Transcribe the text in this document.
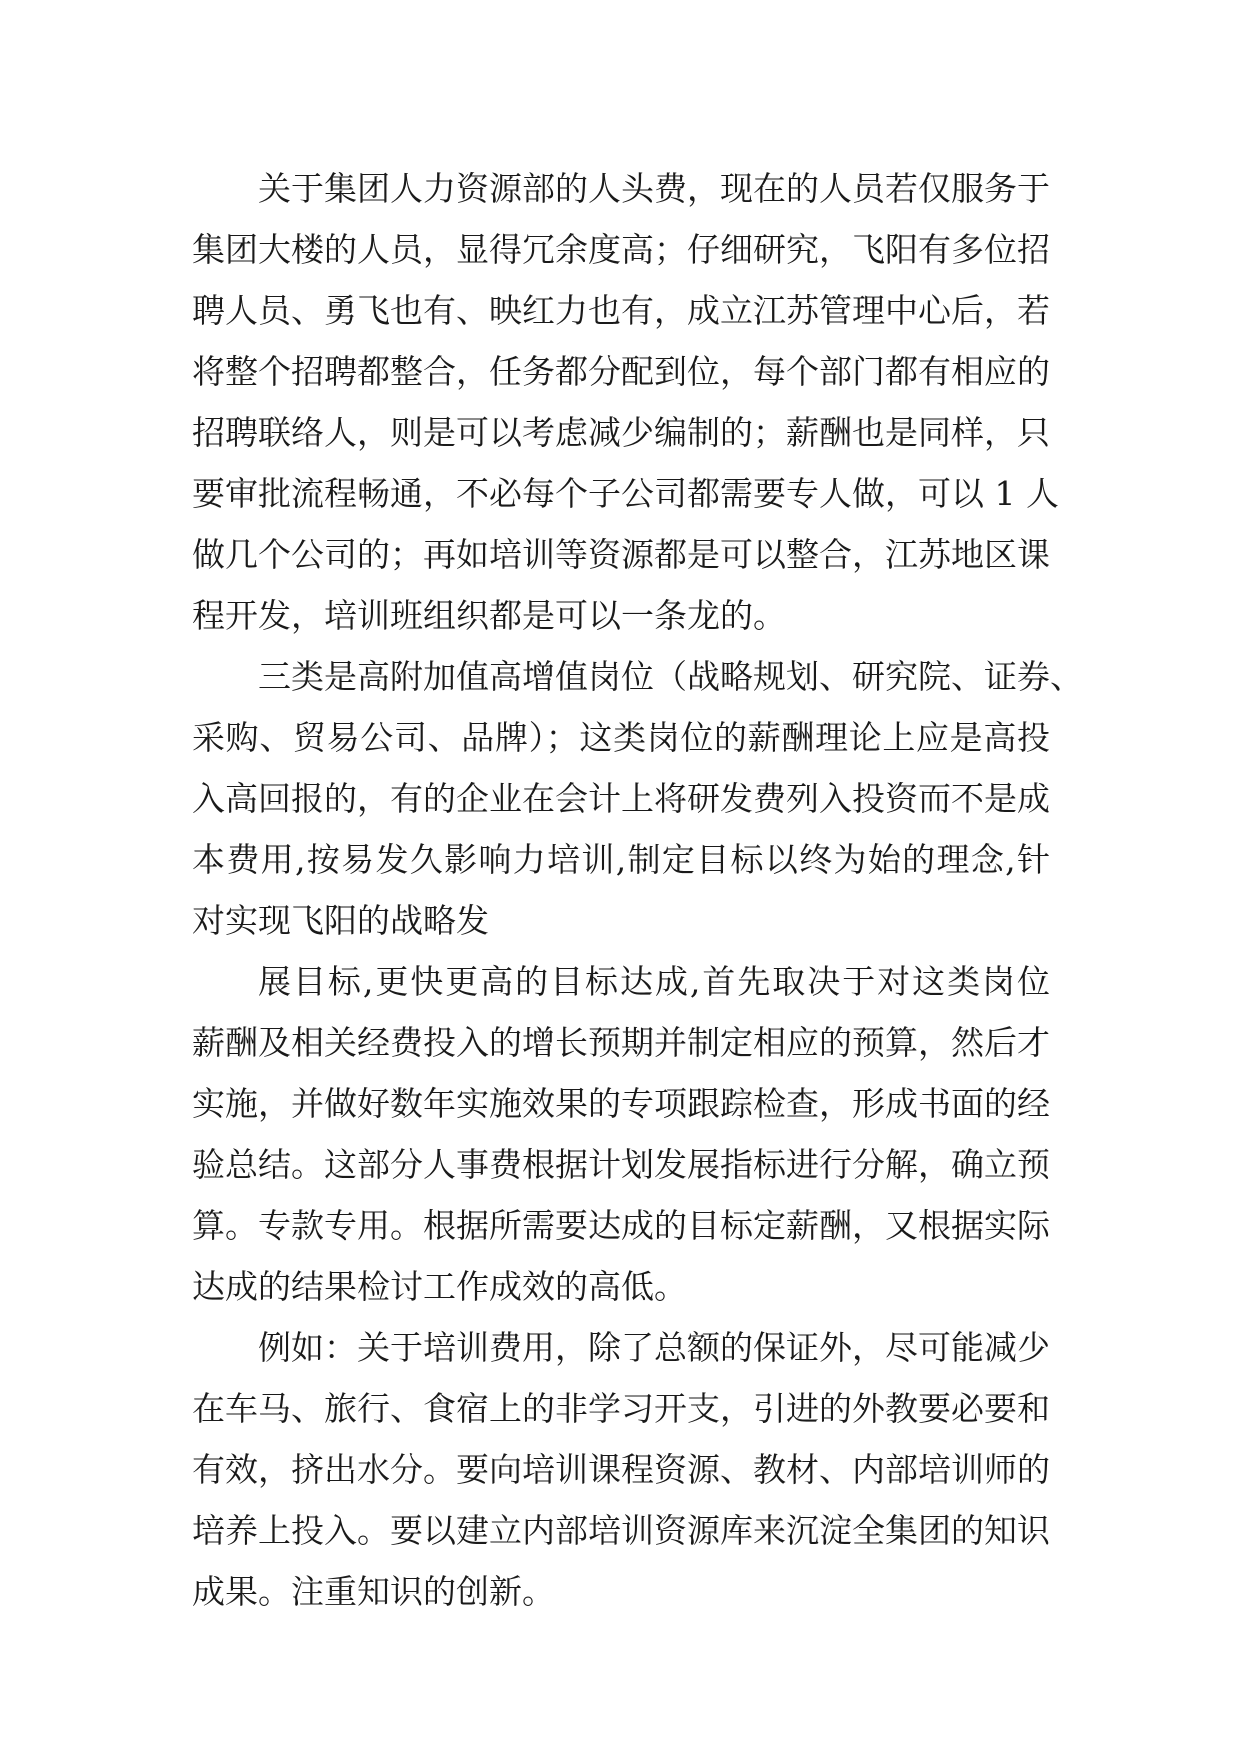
关于集团人力资源部的人头费，现在的人员若仅服务于
集团大楼的人员，显得冗余度高；仔细研究，飞阳有多位招
聘人员、勇飞也有、映红力也有，成立江苏管理中心后，若
将整个招聘都整合，任务都分配到位，每个部门都有相应的
招聘联络人，则是可以考虑减少编制的；薪酬也是同样，只
要审批流程畅通，不必每个子公司都需要专人做，可以 1 人
做几个公司的；再如培训等资源都是可以整合，江苏地区课
程开发，培训班组织都是可以一条龙的。
三类是高附加值高增值岗位（战略规划、研究院、证券、
采购、贸易公司、品牌）；这类岗位的薪酬理论上应是高投
入高回报的，有的企业在会计上将研发费列入投资而不是成
本费用,按易发久影响力培训,制定目标以终为始的理念,针
对实现飞阳的战略发
展目标,更快更高的目标达成,首先取决于对这类岗位
薪酬及相关经费投入的增长预期并制定相应的预算，然后才
实施，并做好数年实施效果的专项跟踪检查，形成书面的经
验总结。这部分人事费根据计划发展指标进行分解，确立预
算。专款专用。根据所需要达成的目标定薪酬，又根据实际
达成的结果检讨工作成效的高低。
例如：关于培训费用，除了总额的保证外，尽可能减少
在车马、旅行、食宿上的非学习开支，引进的外教要必要和
有效，挤出水分。要向培训课程资源、教材、内部培训师的
培养上投入。要以建立内部培训资源库来沉淀全集团的知识
成果。注重知识的创新。
